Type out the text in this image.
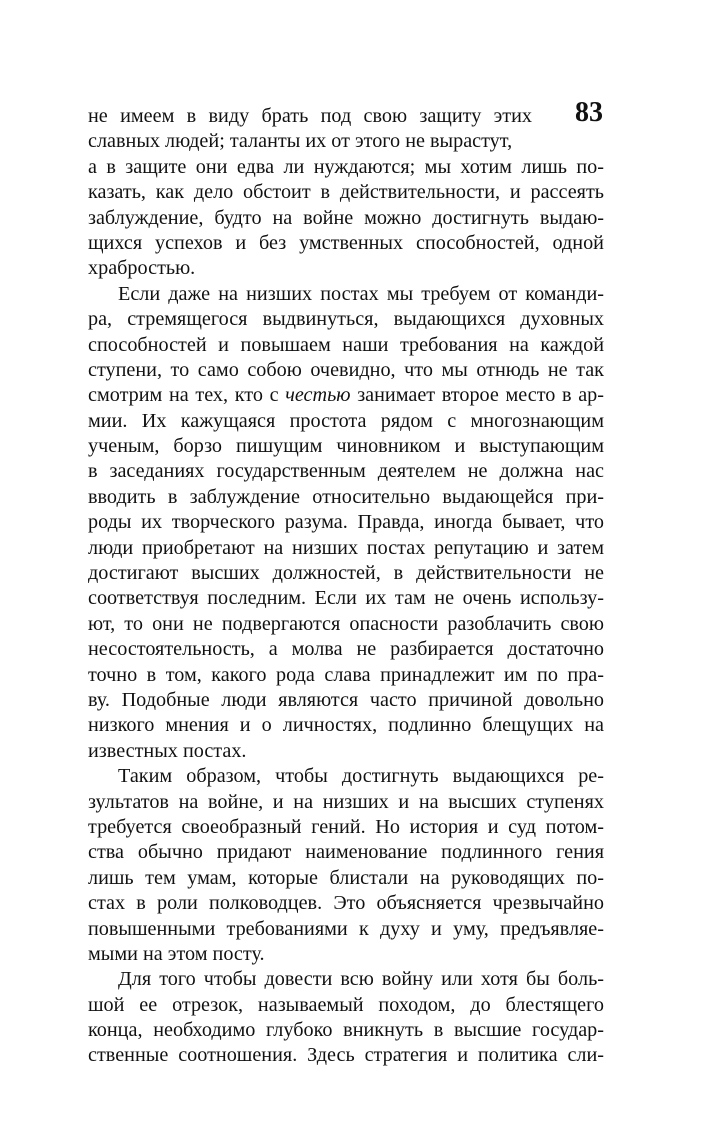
83
не имеем в виду брать под свою защиту этих
славных людей; таланты их от этого не вырастут,
а в защите они едва ли нуждаются; мы хотим лишь по-
казать, как дело обстоит в действительности, и рассеять
заблуждение, будто на войне можно достигнуть выдаю-
щихся успехов и без умственных способностей, одной
храбростью.
Если даже на низших постах мы требуем от команди-
ра, стремящегося выдвинуться, выдающихся духовных
способностей и повышаем наши требования на каждой
ступени, то само собою очевидно, что мы отнюдь не так
смотрим на тех, кто с честью занимает второе место в ар-
мии. Их кажущаяся простота рядом с многознающим
ученым, борзо пишущим чиновником и выступающим
в заседаниях государственным деятелем не должна нас
вводить в заблуждение относительно выдающейся при-
роды их творческого разума. Правда, иногда бывает, что
люди приобретают на низших постах репутацию и затем
достигают высших должностей, в действительности не
соответствуя последним. Если их там не очень использу-
ют, то они не подвергаются опасности разоблачить свою
несостоятельность, а молва не разбирается достаточно
точно в том, какого рода слава принадлежит им по пра-
ву. Подобные люди являются часто причиной довольно
низкого мнения и о личностях, подлинно блещущих на
известных постах.
Таким образом, чтобы достигнуть выдающихся ре-
зультатов на войне, и на низших и на высших ступенях
требуется своеобразный гений. Но история и суд потом-
ства обычно придают наименование подлинного гения
лишь тем умам, которые блистали на руководящих по-
стах в роли полководцев. Это объясняется чрезвычайно
повышенными требованиями к духу и уму, предъявляе-
мыми на этом посту.
Для того чтобы довести всю войну или хотя бы боль-
шой ее отрезок, называемый походом, до блестящего
конца, необходимо глубоко вникнуть в высшие государ-
ственные соотношения. Здесь стратегия и политика сли-
